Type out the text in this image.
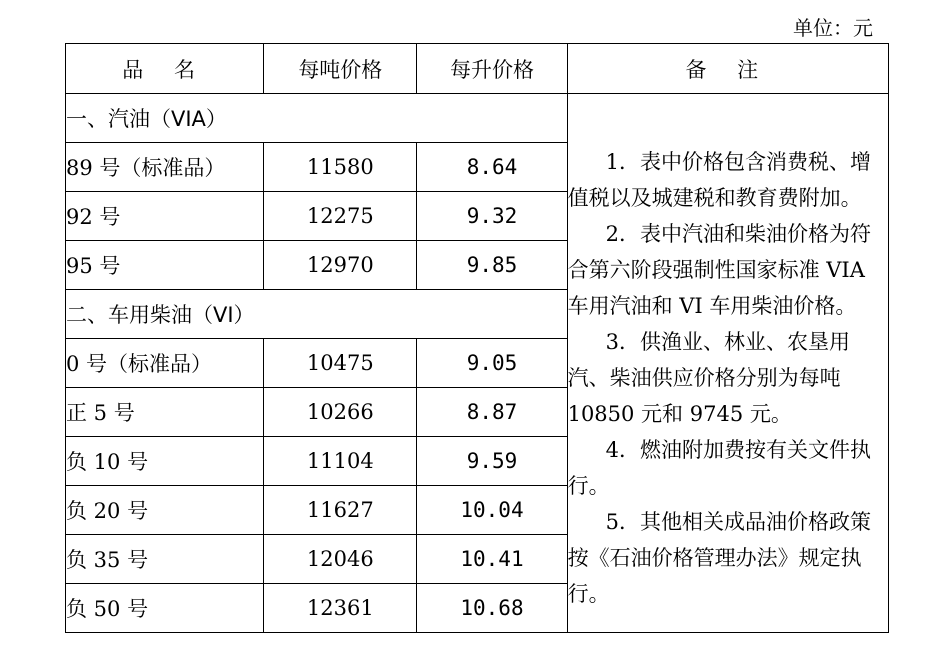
单位：元
品 名	每吨价格	每升价格	备 注
一、汽油（VIA）			1．表中价格包含消费税、增值税以及城建税和教育费附加。

2．表中汽油和柴油价格为符合第六阶段强制性国家标准 VIA 车用汽油和 VI 车用柴油价格。

3．供渔业、林业、农垦用汽、柴油供应价格分别为每吨 10850 元和 9745 元。

4．燃油附加费按有关文件执行。

5．其他相关成品油价格政策按《石油价格管理办法》规定执行。

89 号（标准品）	11580	8.64	
92 号	12275	9.32	
95 号	12970	9.85	
二、车用柴油（VI）			
0 号（标准品）	10475	9.05	
正 5 号	10266	8.87	
负 10 号	11104	9.59	
负 20 号	11627	10.04	
负 35 号	12046	10.41	
负 50 号	12361	10.68	
